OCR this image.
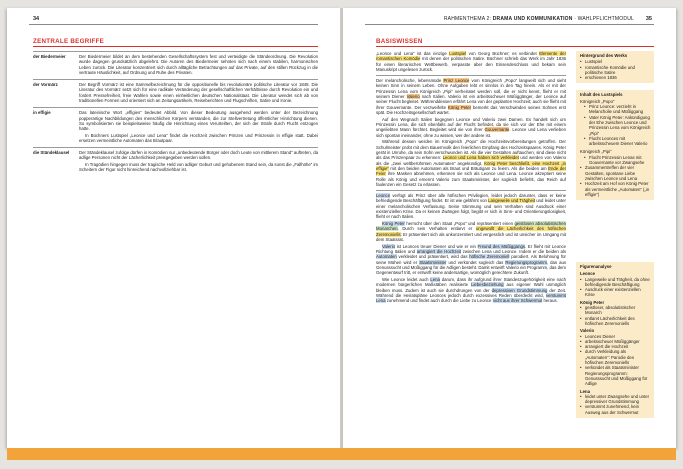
34
ZENTRALE BEGRIFFE
der Biedermeier	Der Biedermeier bildet an dem bestehenden Gesellschaftssystem fest und verteidigte die Ständeordnung. Die Revolution wurde dagegen grundsätzlich abgelehnt. Die Autoren des Biedermeier sehnten sich nach einem stabilen, harmonischen Leben zurück. Die Literatur konzentriert sich durch alltägliche Betrachtungen auf das Private, auf den stillen Rückzug in die vertraute Häuslichkeit, auf Ordnung und Ruhe des Privaten.

der Vormärz	Der Begriff Vormärz ist eine Sammelbezeichnung für die oppositionelle bis revolutionäre politische Literatur vor 1848. Die Literatur des Vormärz setzt sich für eine radikale Veränderung der gesellschaftlichen Verhältnisse durch Revolution ein und fordert Pressefreiheit, freie Wahlen sowie einen einheitlichen deutschen Nationalstaat. Die Literatur wendet sich ab von traditionellen Formen und orientiert sich an Zeitungsartikeln, Reiseberichten und Flugschriften, Satire und Ironie.

in effigie	Das lateinische Wort „effigies“ bedeutet Abbild. Von dieser Bedeutung ausgehend werden unter der Bezeichnung popperartige Nachbildungen des menschlichen Körpers verstanden, die zur Stellvertretung öffentlicher Hinrichtung dienen. So symbolisierten sie beispielsweise häufig die Hinrichtung eines Verurteilten, der sich der Strafe durch Flucht entzogen hatte.

In Büchners Lustspiel „Leonce und Lena“ findet die Hochzeit zwischen Prinzen und Prinzessin in effigie statt. Dabei ersetzen vermeintliche Automaten das Brautpaar.

die Ständeklausel	Der Ständeklausel zufolge dürfen in Komödien nur „unbedeutende Bürger oder doch Leute von mittlerem Stand“ auftreten, da adlige Personen nicht der Lächerlichkeit preisgegeben werden sollen.

In Tragödien hingegen muss der tragische Held von adliger Geburt und gehobenem Stand sein, da sonst die „Fallhöhe“ im Scheitern der Figur nicht hinreichend nachvollziehbar ist.

RAHMENTHEMA 2: DRAMA UND KOMMUNIKATION · WAHLPFLICHTMODUL 35
BASISWISSEN

„Leonce und Lena“ ist das einzige Lustspiel von Georg Büchner; es verbindet Elemente der romantischen Komödie mit denen der politischen Satire. Büchner schrieb das Werk im Jahr 1836 für einen literarischen Wettbewerb, verpasste aber den Einsendeschluss und bekam sein Manuskript ungelesen zurück.

Der melancholische, lebensmüde Prinz Leonce vom Königreich „Popo“ langweilt sich und sieht keinen Sinn in seinem Leben. Ohne Aufgaben lebt er sinnlos in den Tag hinein. Als er mit der Prinzessin Lena vom Königreich „Pipi“ verheiratet werden soll, die er nicht kennt, flieht er mit seinem Diener Valerio nach Italien. Valerio ist ein arbeitsscheuer Müßiggänger, der Leonce auf seiner Flucht begleitet. Währenddessen erfährt Lena von der geplanten Hochzeit; auch sie flieht mit ihrer Gouvernante. Der verzweifelte König Peter bemerkt das Verschwinden seines Sohnes erst spät. Die Hochzeitsgesellschaft wartet.

Auf den Wegnach Italien begegnen Leonce und Valerio zwei Damen. Es handelt sich um Prinzessin Lena, die sich ebenfalls auf der Flucht befindet, da sie sich vor der Ehe mit einem ungeliebten Mann fürchtet. Begleitet wird sie von ihrer Gouvernante. Leonce und Lena verlieben sich spontan ineinander, ohne zu wissen, wer der andere ist.

Während dessen werden im Königreich „Popo“ die Hochzeitsvorbereitungen getroffen. Der Schulmeister probt mit dem Bauernvolk den feierlichen Empfang des Hochzeitspaares. König Peter gerät in Unruhe, da sein Sohn verschwunden ist. Als die vier Gestalten auftauchen, sind diese nicht als das Prinzenpaar zu erkennen: Leonce und Lena haben sich verkleidet und werden von Valerio als die „zwei weltberühmten Automaten“ angekündigt. König Peter beschließt, eine Hochzeit „in effigie“ mit den beiden Automaten als Braut und Bräutigam zu feiern. Als die beiden am Ende der Feier ihre Masken abnehmen, erkennen sie sich als Leonce und Lena. Leonce akzeptiert seine Rolle als König und ernennt Valerio zum Staatsminister, der sogleich befiehlt, das Reich auf faulenzen ein Gesetz zu erlassen.

Leonce verfügt als Prinz über alle höfischen Privilegien, leidet jedoch darunter, dass er keine befriedigende Beschäftigung findet. Er ist wie gelähmt von Langeweile und Trägheit und leidet unter einer melancholischen Verfassung. Seine Stimmung und sein Verhalten sind Ausdruck einer existenziellen Krise. Da er keinen Zwängen folgt, begibt er sich in Sinn- und Orientierungslosigkeit, flieht er nach Italien.

König Peter herrscht über den Staat „Popo“ und repräsentiert einen geistlosen absolutistischen Monarchen. Durch sein Verhalten entlarvt er ungewollt die Lächerlichkeit des höfischen Zeremoniells: Er präsentiert sich als unkonzentriert und vergesslich und ist unsicher im Umgang mit dem Staatsrat.

Valerio ist Leonces treuer Diener und wie er ein Freund des Müßiggangs. Er flieht mit Leonce Richtung Italien und arrangiert die Hochzeit zwischen Lena und Leonce. Indem er die beiden als Automaten verkleidet und präsentiert, wird das höfische Zeremoniell parodiert. Als Belohnung für seine Mühen wird er Staatsminister und verkündet sogleich das Regierungsprogramm, das aus Genusssucht und Müßiggang für die Adligen besteht. Damit entwirft Valerio ein Programm, das dem Gegenentwurf tritt, er entwirft keine andersartige, womöglich gerechtere Zukunft.

Wie Leonce leidet auch Lena darum, dass ihr aufgrund ihrer Standeszugehörigkeit eine nach modernen bürgerlichen Maßstäben realisierte Liebesbeziehung aus eigener Wahl unmöglich bleiben muss. Zudem ist auch sie durchdrungen von der depressiven Grundstimmung der Zeit. Während die Heiratspläne Leonces jedoch durch exzessives Reden überdeckt wird, verstummt Lena zunehmend und findet auch durch die Liebe zu Leonce nicht aus ihrer Schwermut heraus.

Hintergrund des Werks
• Lustspiel
• romantische Komödie und politische Satire
• erschienen 1836
Inhalt des Lustspiels
Königreich „Popo“
• Prinz Leonce: verzieht in Melancholie und Müßiggang
• Vater König Peter: Ankündigung der Ehe zwischen Leonce und Prinzessin Lena vom Königreich „Pipi“
• Flucht Leonces mit arbeitsscheuem Diener Valerio
Königreich „Pipi“
• Flucht Prinzessin Lenas mit Gouvernante vor Zwangsehe
• Zusammentreffen der vier Gestalten, spontane Liebe zwischen Leonce und Lena
• Hochzeit am Hof von König Peter als vermeintliche „Automaten“ („in effigie“)
Figurenanalyse
Leonce
• Langeweile und Trägheit, da ohne befriedigende Beschäftigung
• Ausdruck einer existenziellen Krise
König Peter
• geistloser, absolutistischer Monarch
• entlarvt Lächerlichkeit des höfischen Zeremoniells
Valerio
• Leonces Diener
• arbeitsscheuer Müßiggänger
• arrangiert die Hochzeit
• durch Verkleidung als „Automaten“: Parodie des höfischen Zeremoniells
• verkündet als Staatsminister Regierungsprogramm: Genusssucht und Müßiggang für Adlige
Lena
• leidet unter Zwangsehe und unter depressiver Grundstimmung
• verstummt zunehmend, kein Ausweg aus der Schwermut
